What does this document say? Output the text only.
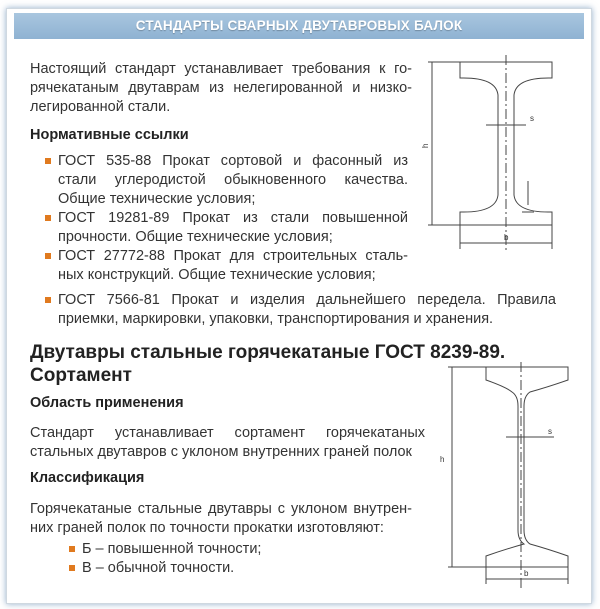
СТАНДАРТЫ СВАРНЫХ ДВУТАВРОВЫХ БАЛОК
Настоящий стандарт устанавливает требования к го-
рячекатаным двутаврам из нелегированной и низко-
легированной стали.
Нормативные ссылки
ГОСТ 535-88 Прокат сортовой и фасонный из
стали углеродистой обыкновенного качества.
Общие технические условия;
ГОСТ 19281-89 Прокат из стали повышенной
прочности. Общие технические условия;
ГОСТ 27772-88 Прокат для строительных сталь-
ных конструкций. Общие технические условия;
ГОСТ 7566-81 Прокат и изделия дальнейшего передела. Правила
приемки, маркировки, упаковки, транспортирования и хранения.
Двутавры стальные горячекатаные ГОСТ 8239-89.
Сортамент
Область применения
Стандарт устанавливает сортамент горячекатаных
стальных двутавров с уклоном внутренних граней полок
Классификация
Горячекатаные стальные двутавры с уклоном внутрен-
них граней полок по точности прокатки изготовляют:
Б – повышенной точности;
В – обычной точности.
h
s
b
h
s
b
